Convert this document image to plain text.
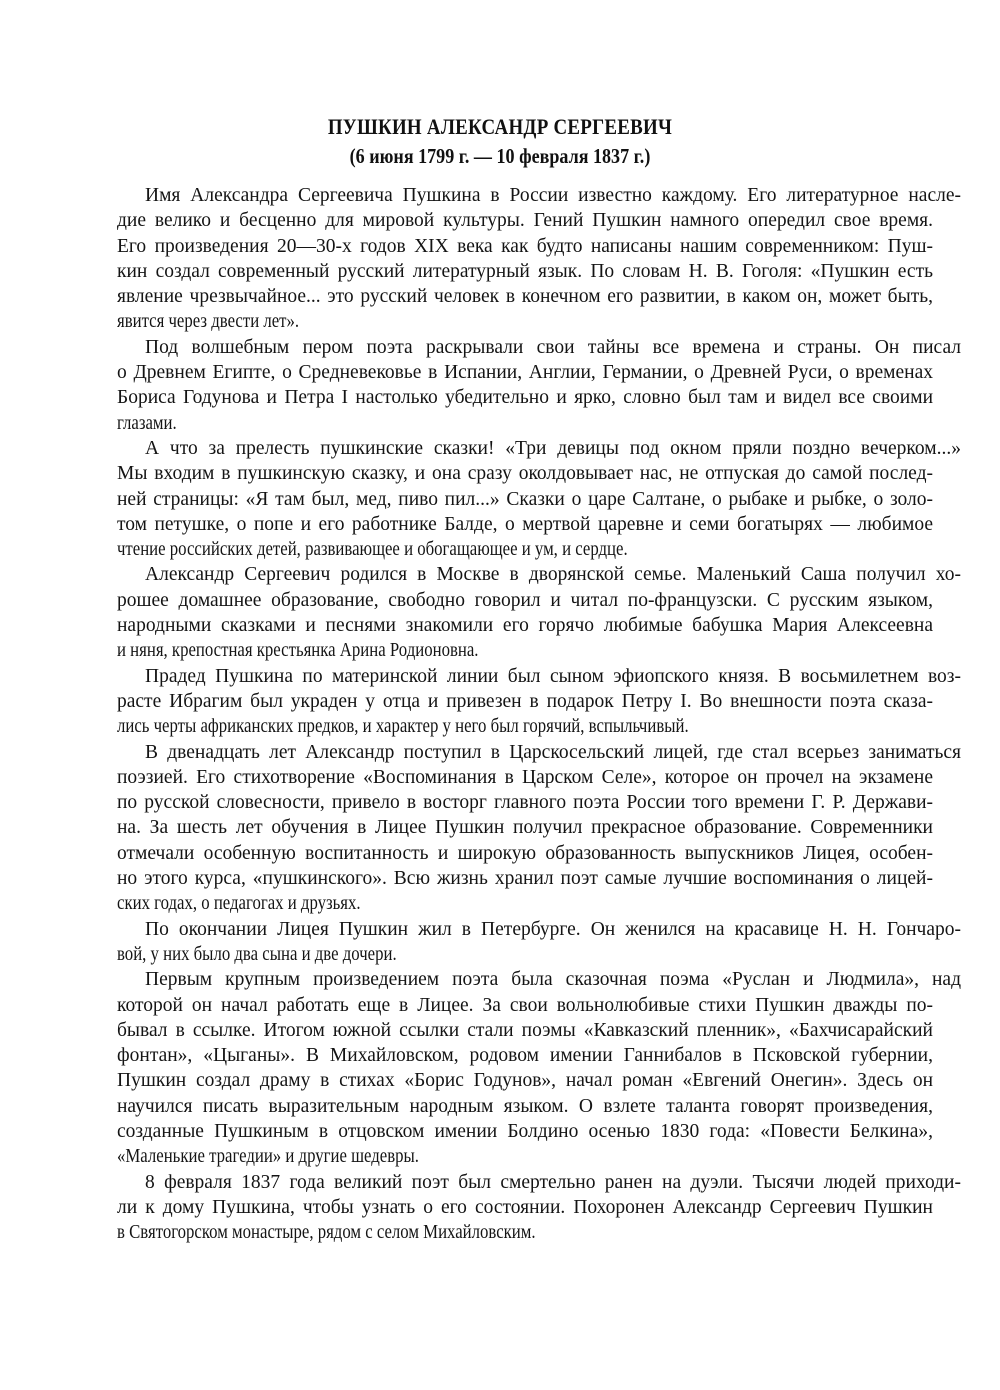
ПУШКИН АЛЕКСАНДР СЕРГЕЕВИЧ
(6 июня 1799 г. — 10 февраля 1837 г.)
Имя Александра Сергеевича Пушкина в России известно каждому. Его литературное насле-
дие велико и бесценно для мировой культуры. Гений Пушкин намного опередил свое время.
Его произведения 20—30-х годов XIX века как будто написаны нашим современником: Пуш-
кин создал современный русский литературный язык. По словам Н. В. Гоголя: «Пушкин есть
явление чрезвычайное... это русский человек в конечном его развитии, в каком он, может быть,
явится через двести лет».
Под волшебным пером поэта раскрывали свои тайны все времена и страны. Он писал
о Древнем Египте, о Средневековье в Испании, Англии, Германии, о Древней Руси, о временах
Бориса Годунова и Петра I настолько убедительно и ярко, словно был там и видел все своими
глазами.
А что за прелесть пушкинские сказки! «Три девицы под окном пряли поздно вечерком...»
Мы входим в пушкинскую сказку, и она сразу околдовывает нас, не отпуская до самой послед-
ней страницы: «Я там был, мед, пиво пил...» Сказки о царе Салтане, о рыбаке и рыбке, о золо-
том петушке, о попе и его работнике Балде, о мертвой царевне и семи богатырях — любимое
чтение российских детей, развивающее и обогащающее и ум, и сердце.
Александр Сергеевич родился в Москве в дворянской семье. Маленький Саша получил хо-
рошее домашнее образование, свободно говорил и читал по-французски. С русским языком,
народными сказками и песнями знакомили его горячо любимые бабушка Мария Алексеевна
и няня, крепостная крестьянка Арина Родионовна.
Прадед Пушкина по материнской линии был сыном эфиопского князя. В восьмилетнем воз-
расте Ибрагим был украден у отца и привезен в подарок Петру I. Во внешности поэта сказа-
лись черты африканских предков, и характер у него был горячий, вспыльчивый.
В двенадцать лет Александр поступил в Царскосельский лицей, где стал всерьез заниматься
поэзией. Его стихотворение «Воспоминания в Царском Селе», которое он прочел на экзамене
по русской словесности, привело в восторг главного поэта России того времени Г. Р. Держави-
на. За шесть лет обучения в Лицее Пушкин получил прекрасное образование. Современники
отмечали особенную воспитанность и широкую образованность выпускников Лицея, особен-
но этого курса, «пушкинского». Всю жизнь хранил поэт самые лучшие воспоминания о лицей-
ских годах, о педагогах и друзьях.
По окончании Лицея Пушкин жил в Петербурге. Он женился на красавице Н. Н. Гончаро-
вой, у них было два сына и две дочери.
Первым крупным произведением поэта была сказочная поэма «Руслан и Людмила», над
которой он начал работать еще в Лицее. За свои вольнолюбивые стихи Пушкин дважды по-
бывал в ссылке. Итогом южной ссылки стали поэмы «Кавказский пленник», «Бахчисарайский
фонтан», «Цыганы». В Михайловском, родовом имении Ганнибалов в Псковской губернии,
Пушкин создал драму в стихах «Борис Годунов», начал роман «Евгений Онегин». Здесь он
научился писать выразительным народным языком. О взлете таланта говорят произведения,
созданные Пушкиным в отцовском имении Болдино осенью 1830 года: «Повести Белкина»,
«Маленькие трагедии» и другие шедевры.
8 февраля 1837 года великий поэт был смертельно ранен на дуэли. Тысячи людей приходи-
ли к дому Пушкина, чтобы узнать о его состоянии. Похоронен Александр Сергеевич Пушкин
в Святогорском монастыре, рядом с селом Михайловским.
